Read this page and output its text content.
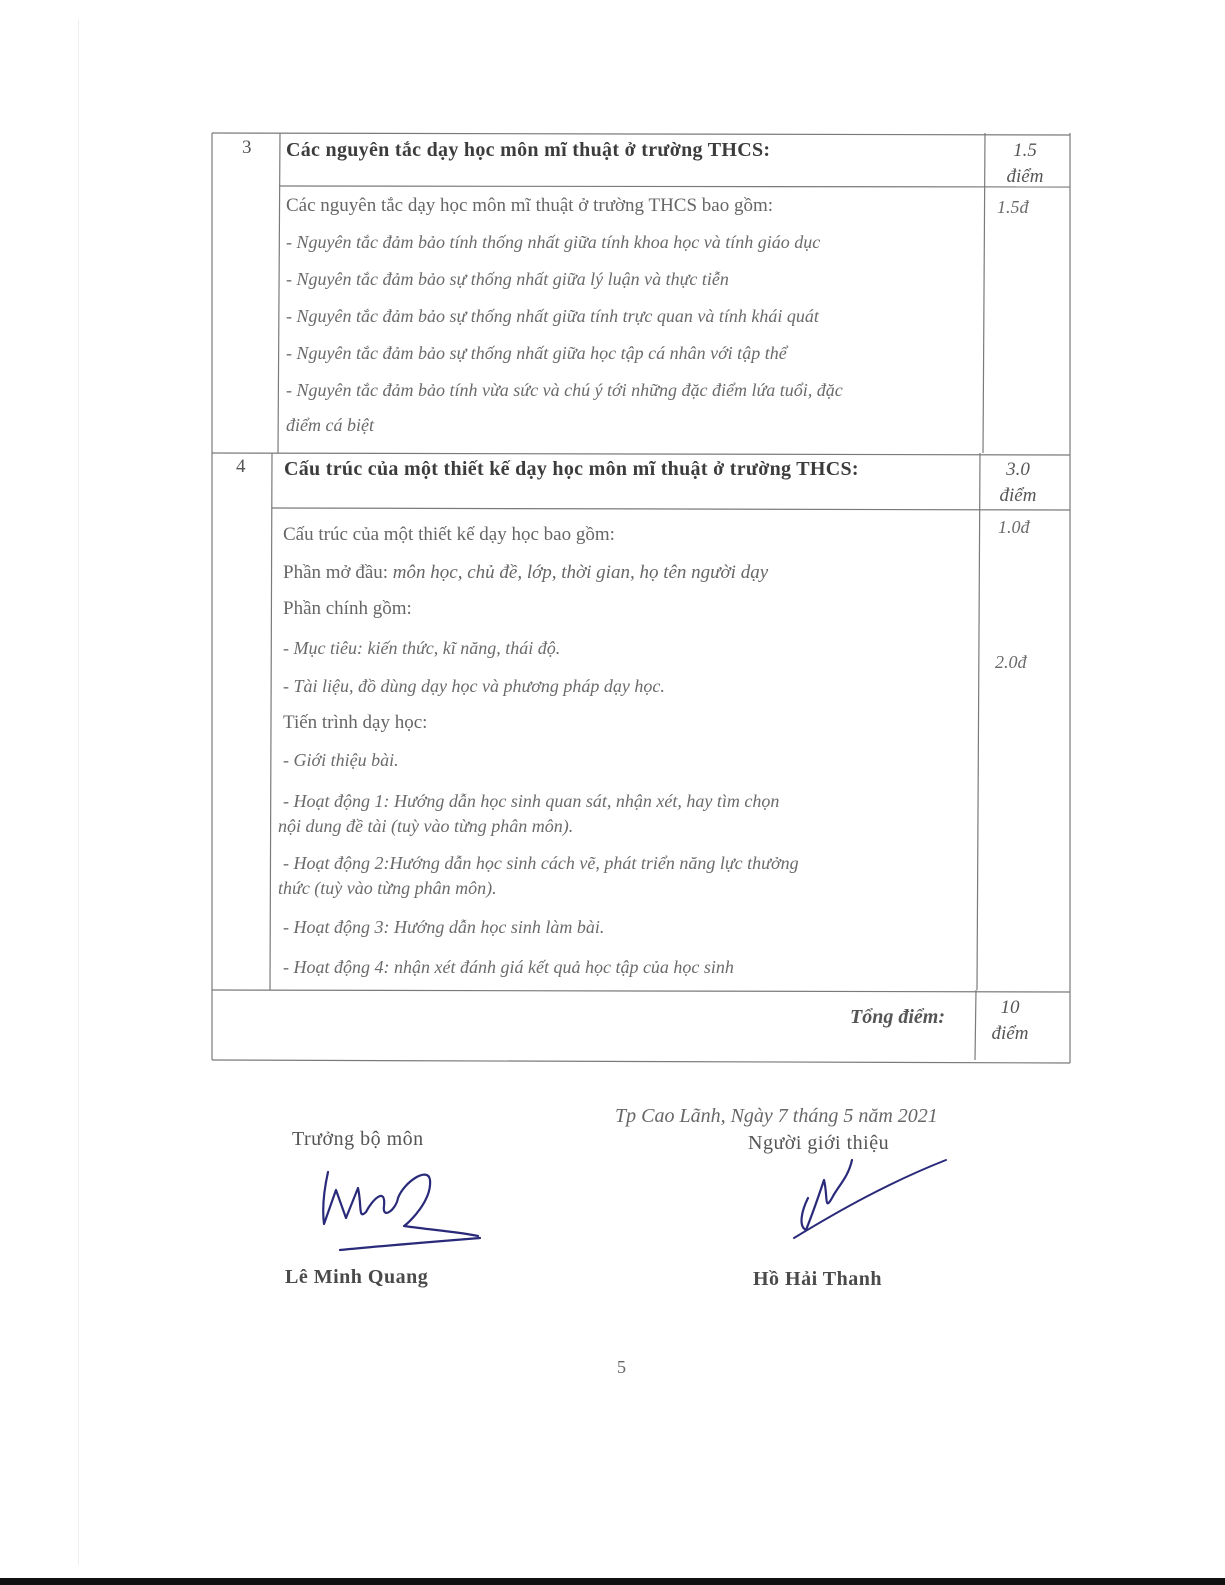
3 Các nguyên tắc dạy học môn mĩ thuật ở trường THCS:	1.5
điểm
Các nguyên tắc dạy học môn mĩ thuật ở trường THCS bao gồm:	1.5đ
- Nguyên tắc đảm bảo tính thống nhất giữa tính khoa học và tính giáo dục
- Nguyên tắc đảm bảo sự thống nhất giữa lý luận và thực tiễn
- Nguyên tắc đảm bảo sự thống nhất giữa tính trực quan và tính khái quát
- Nguyên tắc đảm bảo sự thống nhất giữa học tập cá nhân với tập thể
- Nguyên tắc đảm bảo tính vừa sức và chú ý tới những đặc điểm lứa tuổi, đặc
điểm cá biệt
4 Cấu trúc của một thiết kế dạy học môn mĩ thuật ở trường THCS:	3.0
điểm
Cấu trúc của một thiết kế dạy học bao gồm:	1.0đ
Phần mở đầu: môn học, chủ đề, lớp, thời gian, họ tên người dạy
Phần chính gồm:
2.0đ
- Mục tiêu: kiến thức, kĩ năng, thái độ.
- Tài liệu, đồ dùng dạy học và phương pháp dạy học.
Tiến trình dạy học:
- Giới thiệu bài.
- Hoạt động 1: Hướng dẫn học sinh quan sát, nhận xét, hay tìm chọn
nội dung đề tài (tuỳ vào từng phân môn).
- Hoạt động 2:Hướng dẫn học sinh cách vẽ, phát triển năng lực thưởng
thức (tuỳ vào từng phân môn).
- Hoạt động 3: Hướng dẫn học sinh làm bài.
- Hoạt động 4: nhận xét đánh giá kết quả học tập của học sinh
Tổng điểm:	10
điểm
Tp Cao Lãnh, Ngày 7 tháng 5 năm 2021
Trưởng bộ môn	Người giới thiệu
Lê Minh Quang	Hồ Hải Thanh
5
